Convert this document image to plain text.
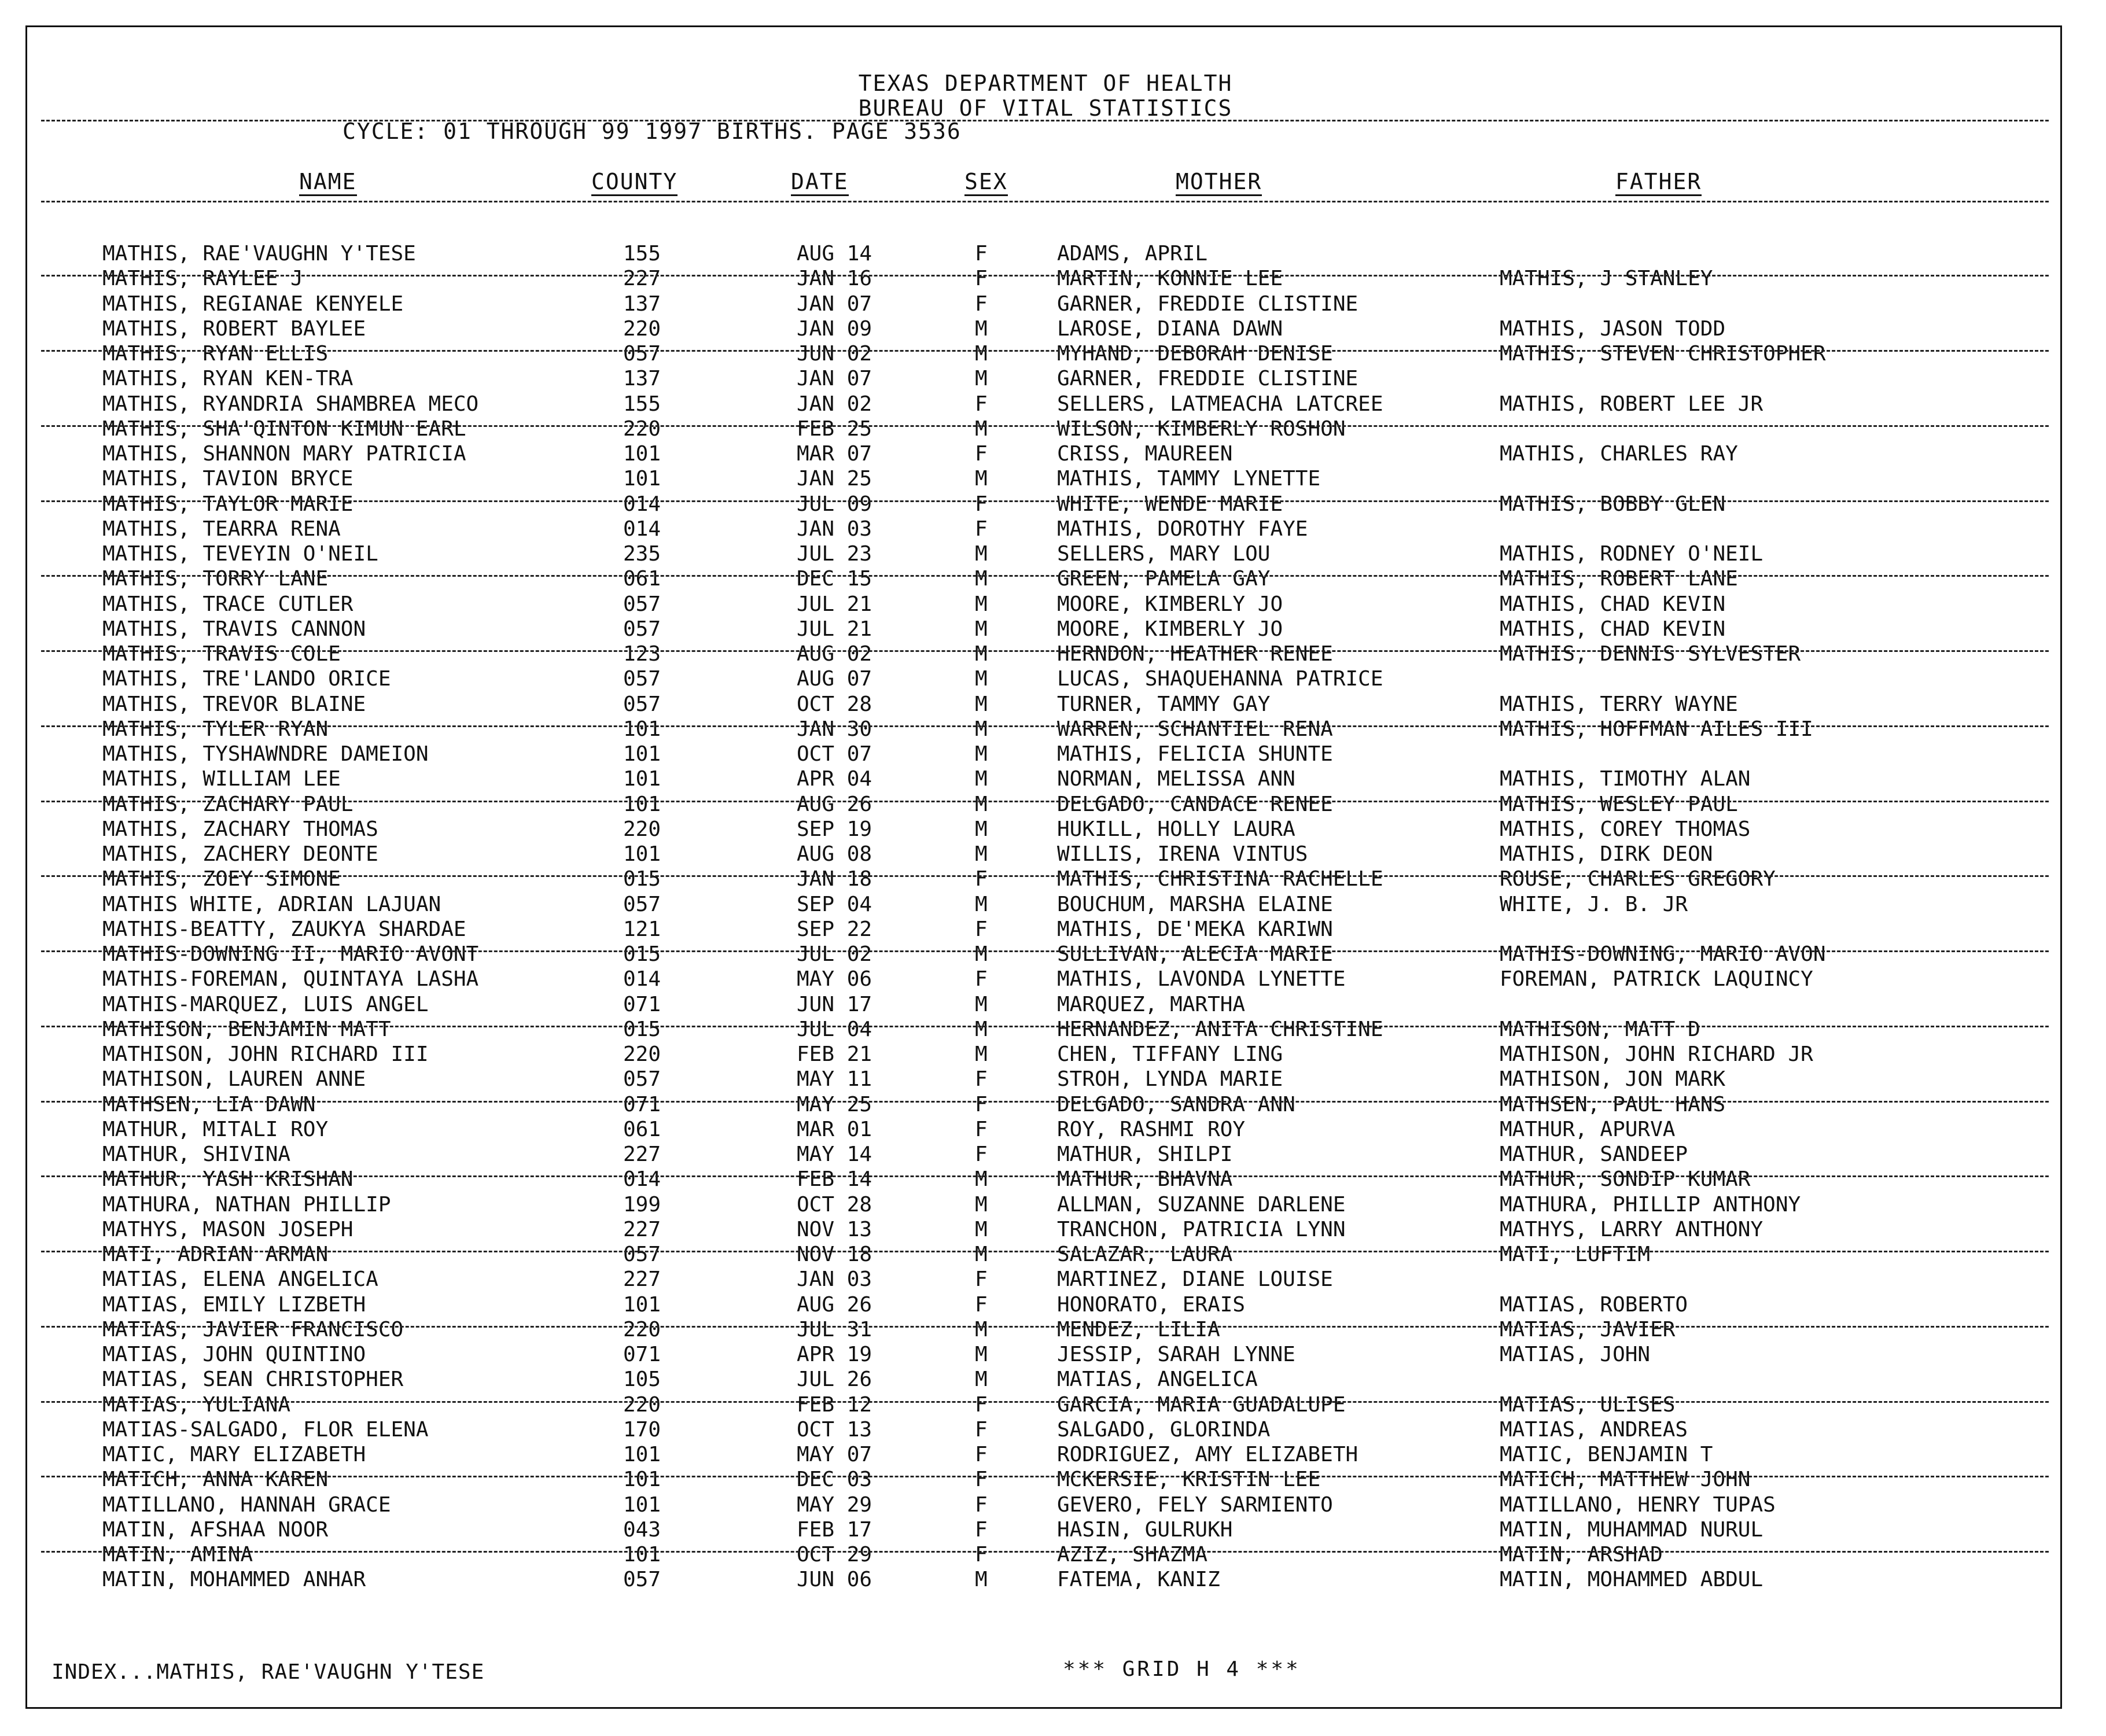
TEXAS DEPARTMENT OF HEALTH
BUREAU OF VITAL STATISTICS
CYCLE: 01 THROUGH 99 1997 BIRTHS. PAGE 3536
NAME	COUNTY	DATE	SEX	MOTHER	FATHER
MATHIS, RAE'VAUGHN Y'TESE	155	AUG 14	F	ADAMS, APRIL
MATHIS, RAYLEE J	227	JAN 16	F	MARTIN, KONNIE LEE	MATHIS, J STANLEY
MATHIS, REGIANAE KENYELE	137	JAN 07	F	GARNER, FREDDIE CLISTINE
MATHIS, ROBERT BAYLEE	220	JAN 09	M	LAROSE, DIANA DAWN	MATHIS, JASON TODD
MATHIS, RYAN ELLIS	057	JUN 02	M	MYHAND, DEBORAH DENISE	MATHIS, STEVEN CHRISTOPHER
MATHIS, RYAN KEN-TRA	137	JAN 07	M	GARNER, FREDDIE CLISTINE
MATHIS, RYANDRIA SHAMBREA MECO	155	JAN 02	F	SELLERS, LATMEACHA LATCREE	MATHIS, ROBERT LEE JR
MATHIS, SHA'QINTON KIMUN EARL	220	FEB 25	M	WILSON, KIMBERLY ROSHON
MATHIS, SHANNON MARY PATRICIA	101	MAR 07	F	CRISS, MAUREEN	MATHIS, CHARLES RAY
MATHIS, TAVION BRYCE	101	JAN 25	M	MATHIS, TAMMY LYNETTE
MATHIS, TAYLOR MARIE	014	JUL 09	F	WHITE, WENDE MARIE	MATHIS, BOBBY GLEN
MATHIS, TEARRA RENA	014	JAN 03	F	MATHIS, DOROTHY FAYE
MATHIS, TEVEYIN O'NEIL	235	JUL 23	M	SELLERS, MARY LOU	MATHIS, RODNEY O'NEIL
MATHIS, TORRY LANE	061	DEC 15	M	GREEN, PAMELA GAY	MATHIS, ROBERT LANE
MATHIS, TRACE CUTLER	057	JUL 21	M	MOORE, KIMBERLY JO	MATHIS, CHAD KEVIN
MATHIS, TRAVIS CANNON	057	JUL 21	M	MOORE, KIMBERLY JO	MATHIS, CHAD KEVIN
MATHIS, TRAVIS COLE	123	AUG 02	M	HERNDON, HEATHER RENEE	MATHIS, DENNIS SYLVESTER
MATHIS, TRE'LANDO ORICE	057	AUG 07	M	LUCAS, SHAQUEHANNA PATRICE
MATHIS, TREVOR BLAINE	057	OCT 28	M	TURNER, TAMMY GAY	MATHIS, TERRY WAYNE
MATHIS, TYLER RYAN	101	JAN 30	M	WARREN, SCHANTIEL RENA	MATHIS, HOFFMAN AILES III
MATHIS, TYSHAWNDRE DAMEION	101	OCT 07	M	MATHIS, FELICIA SHUNTE
MATHIS, WILLIAM LEE	101	APR 04	M	NORMAN, MELISSA ANN	MATHIS, TIMOTHY ALAN
MATHIS, ZACHARY PAUL	101	AUG 26	M	DELGADO, CANDACE RENEE	MATHIS, WESLEY PAUL
MATHIS, ZACHARY THOMAS	220	SEP 19	M	HUKILL, HOLLY LAURA	MATHIS, COREY THOMAS
MATHIS, ZACHERY DEONTE	101	AUG 08	M	WILLIS, IRENA VINTUS	MATHIS, DIRK DEON
MATHIS, ZOEY SIMONE	015	JAN 18	F	MATHIS, CHRISTINA RACHELLE	ROUSE, CHARLES GREGORY
MATHIS WHITE, ADRIAN LAJUAN	057	SEP 04	M	BOUCHUM, MARSHA ELAINE	WHITE, J. B. JR
MATHIS-BEATTY, ZAUKYA SHARDAE	121	SEP 22	F	MATHIS, DE'MEKA KARIWN
MATHIS-DOWNING II, MARIO AVONT	015	JUL 02	M	SULLIVAN, ALECIA MARIE	MATHIS-DOWNING, MARIO AVON
MATHIS-FOREMAN, QUINTAYA LASHA	014	MAY 06	F	MATHIS, LAVONDA LYNETTE	FOREMAN, PATRICK LAQUINCY
MATHIS-MARQUEZ, LUIS ANGEL	071	JUN 17	M	MARQUEZ, MARTHA
MATHISON, BENJAMIN MATT	015	JUL 04	M	HERNANDEZ, ANITA CHRISTINE	MATHISON, MATT D
MATHISON, JOHN RICHARD III	220	FEB 21	M	CHEN, TIFFANY LING	MATHISON, JOHN RICHARD JR
MATHISON, LAUREN ANNE	057	MAY 11	F	STROH, LYNDA MARIE	MATHISON, JON MARK
MATHSEN, LIA DAWN	071	MAY 25	F	DELGADO, SANDRA ANN	MATHSEN, PAUL HANS
MATHUR, MITALI ROY	061	MAR 01	F	ROY, RASHMI ROY	MATHUR, APURVA
MATHUR, SHIVINA	227	MAY 14	F	MATHUR, SHILPI	MATHUR, SANDEEP
MATHUR, YASH KRISHAN	014	FEB 14	M	MATHUR, BHAVNA	MATHUR, SONDIP KUMAR
MATHURA, NATHAN PHILLIP	199	OCT 28	M	ALLMAN, SUZANNE DARLENE	MATHURA, PHILLIP ANTHONY
MATHYS, MASON JOSEPH	227	NOV 13	M	TRANCHON, PATRICIA LYNN	MATHYS, LARRY ANTHONY
MATI, ADRIAN ARMAN	057	NOV 18	M	SALAZAR, LAURA	MATI, LUFTIM
MATIAS, ELENA ANGELICA	227	JAN 03	F	MARTINEZ, DIANE LOUISE
MATIAS, EMILY LIZBETH	101	AUG 26	F	HONORATO, ERAIS	MATIAS, ROBERTO
MATIAS, JAVIER FRANCISCO	220	JUL 31	M	MENDEZ, LILIA	MATIAS, JAVIER
MATIAS, JOHN QUINTINO	071	APR 19	M	JESSIP, SARAH LYNNE	MATIAS, JOHN
MATIAS, SEAN CHRISTOPHER	105	JUL 26	M	MATIAS, ANGELICA
MATIAS, YULIANA	220	FEB 12	F	GARCIA, MARIA GUADALUPE	MATIAS, ULISES
MATIAS-SALGADO, FLOR ELENA	170	OCT 13	F	SALGADO, GLORINDA	MATIAS, ANDREAS
MATIC, MARY ELIZABETH	101	MAY 07	F	RODRIGUEZ, AMY ELIZABETH	MATIC, BENJAMIN T
MATICH, ANNA KAREN	101	DEC 03	F	MCKERSIE, KRISTIN LEE	MATICH, MATTHEW JOHN
MATILLANO, HANNAH GRACE	101	MAY 29	F	GEVERO, FELY SARMIENTO	MATILLANO, HENRY TUPAS
MATIN, AFSHAA NOOR	043	FEB 17	F	HASIN, GULRUKH	MATIN, MUHAMMAD NURUL
MATIN, AMINA	101	OCT 29	F	AZIZ, SHAZMA	MATIN, ARSHAD
MATIN, MOHAMMED ANHAR	057	JUN 06	M	FATEMA, KANIZ	MATIN, MOHAMMED ABDUL
INDEX...MATHIS, RAE'VAUGHN Y'TESE	*** GRID H 4 ***
